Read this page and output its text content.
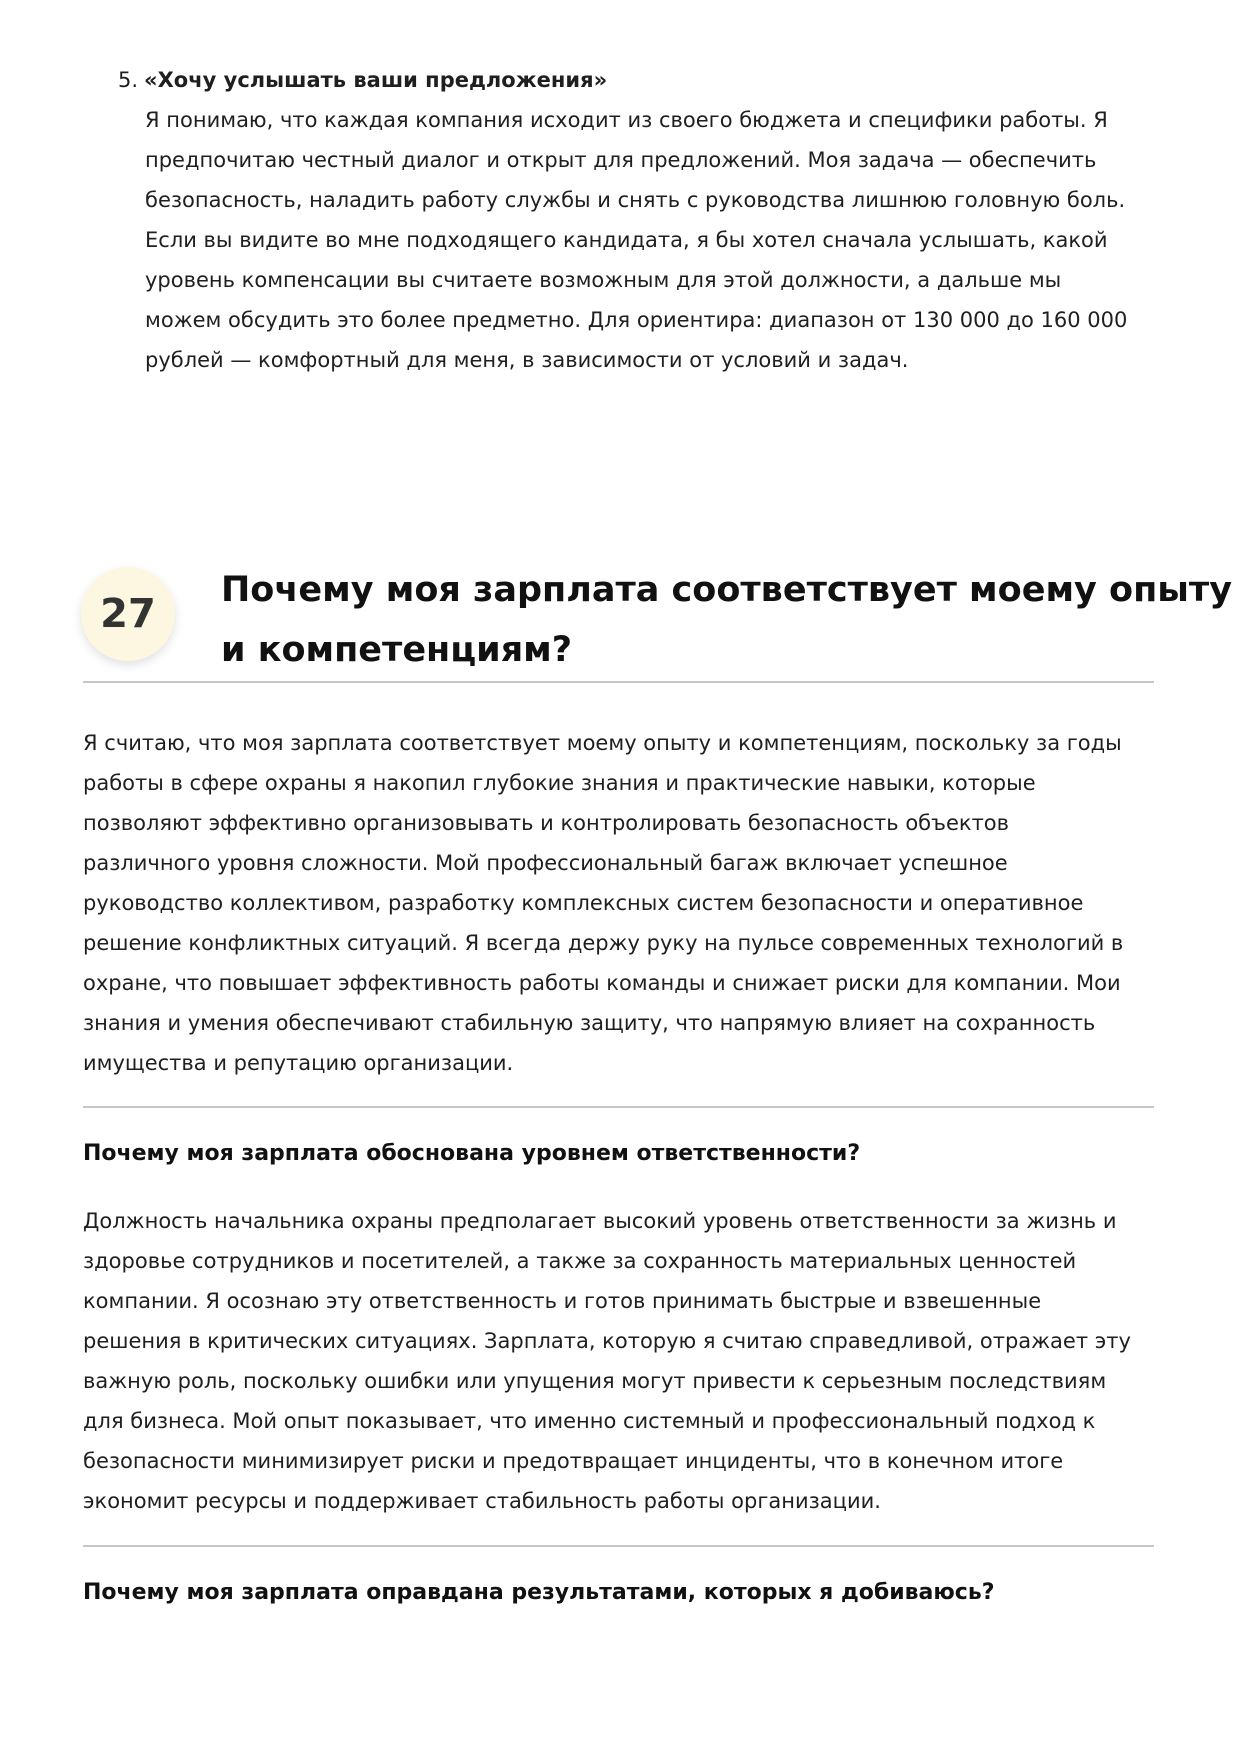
5. «Хочу услышать ваши предложения»
Я понимаю, что каждая компания исходит из своего бюджета и специфики работы. Я
предпочитаю честный диалог и открыт для предложений. Моя задача — обеспечить
безопасность, наладить работу службы и снять с руководства лишнюю головную боль.
Если вы видите во мне подходящего кандидата, я бы хотел сначала услышать, какой
уровень компенсации вы считаете возможным для этой должности, а дальше мы
можем обсудить это более предметно. Для ориентира: диапазон от 130 000 до 160 000
рублей — комфортный для меня, в зависимости от условий и задач.
27
Почему моя зарплата соответствует моему опыту
и компетенциям?
Я считаю, что моя зарплата соответствует моему опыту и компетенциям, поскольку за годы
работы в сфере охраны я накопил глубокие знания и практические навыки, которые
позволяют эффективно организовывать и контролировать безопасность объектов
различного уровня сложности. Мой профессиональный багаж включает успешное
руководство коллективом, разработку комплексных систем безопасности и оперативное
решение конфликтных ситуаций. Я всегда держу руку на пульсе современных технологий в
охране, что повышает эффективность работы команды и снижает риски для компании. Мои
знания и умения обеспечивают стабильную защиту, что напрямую влияет на сохранность
имущества и репутацию организации.
Почему моя зарплата обоснована уровнем ответственности?
Должность начальника охраны предполагает высокий уровень ответственности за жизнь и
здоровье сотрудников и посетителей, а также за сохранность материальных ценностей
компании. Я осознаю эту ответственность и готов принимать быстрые и взвешенные
решения в критических ситуациях. Зарплата, которую я считаю справедливой, отражает эту
важную роль, поскольку ошибки или упущения могут привести к серьезным последствиям
для бизнеса. Мой опыт показывает, что именно системный и профессиональный подход к
безопасности минимизирует риски и предотвращает инциденты, что в конечном итоге
экономит ресурсы и поддерживает стабильность работы организации.
Почему моя зарплата оправдана результатами, которых я добиваюсь?
